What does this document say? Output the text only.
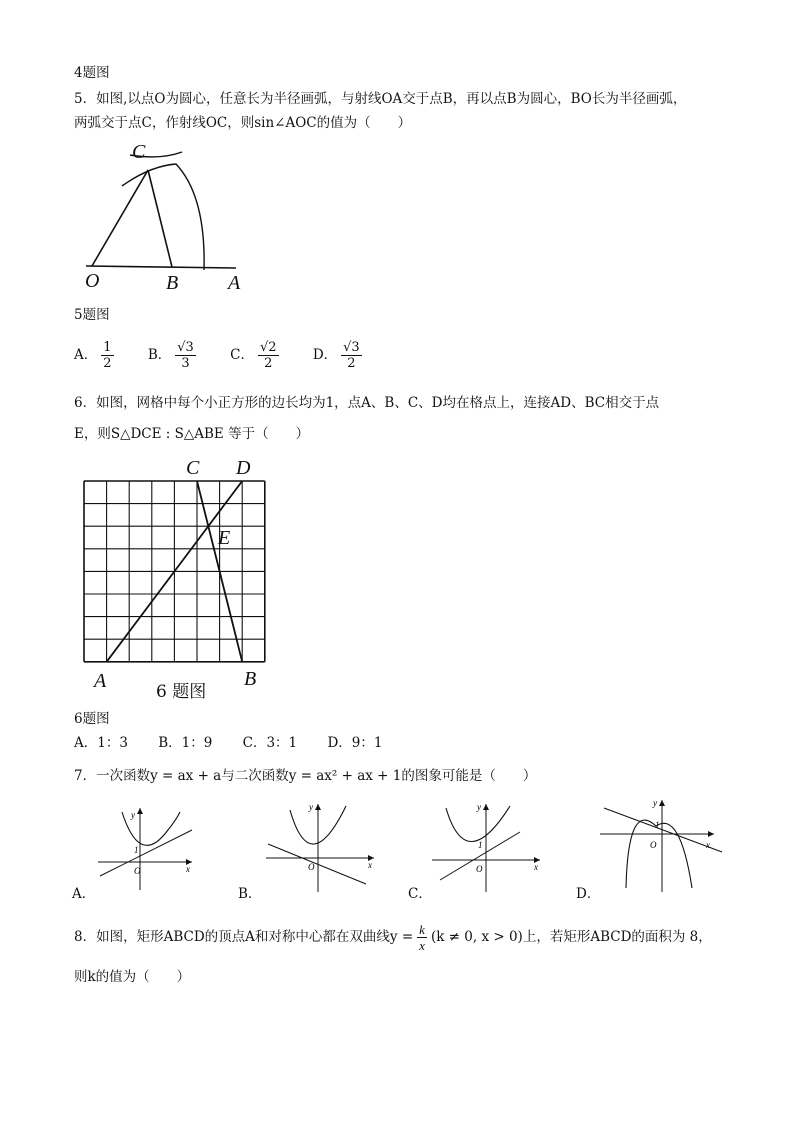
4题图
5．如图,以点O为圆心，任意长为半径画弧，与射线OA交于点B，再以点B为圆心，BO长为半径画弧，
两弧交于点C，作射线OC，则sin∠AOC的值为（　　）
C
O	B A
5题图
A． $\frac{1}{2}$	B． $\frac{√3}{3}$	C． $\frac{√2}{2}$	D． $\frac{√3}{2}$
6．如图，网格中每个小正方形的边长均为1，点A、B、C、D均在格点上，连接AD、BC相交于点
E，则S△DCE : S△ABE 等于（　　）
C D
E
A	B
6 题图
6题图
A．1：3 B．1：9 C．3：1 D．9：1
7．一次函数y = ax + a与二次函数y = ax² + ax + 1的图象可能是（　　）
y
x
O
1
y
x
O
y
x
O
1
y
x
O
1
A．	B．	C．	D．
8．如图，矩形ABCD的顶点A和对称中心都在双曲线$y = \frac{k}{x} (k \ne 0$, x > 0)上，若矩形ABCD的面积为 8，
则k的值为（　　）
